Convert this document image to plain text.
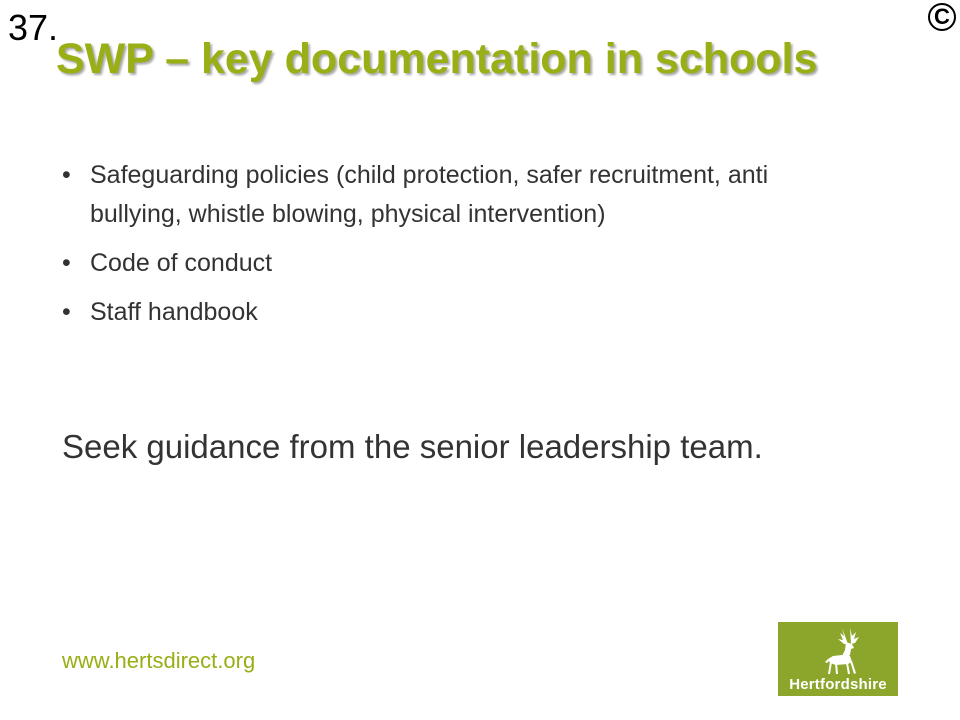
37.	C
SWP – key documentation in schools
• Safeguarding policies (child protection, safer recruitment, anti bullying, whistle blowing, physical intervention)
• Code of conduct
• Staff handbook

Seek guidance from the senior leadership team.

www.hertsdirect.org
Hertfordshire
